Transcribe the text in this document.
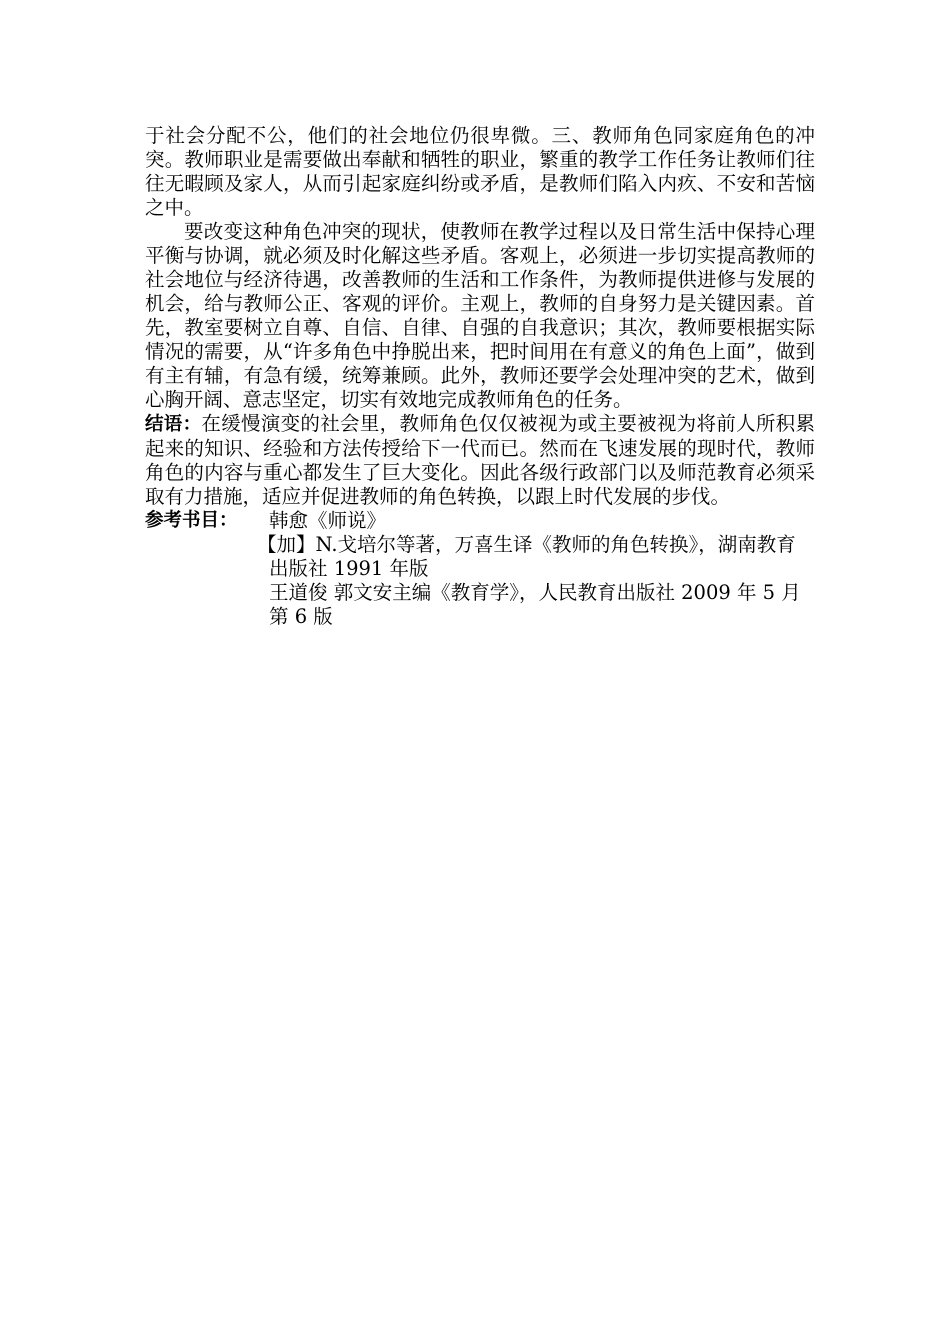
于社会分配不公，他们的社会地位仍很卑微。三、教师角色同家庭角色的冲突。教师职业是需要做出奉献和牺牲的职业，繁重的教学工作任务让教师们往往无暇顾及家人，从而引起家庭纠纷或矛盾，是教师们陷入内疚、不安和苦恼之中。

要改变这种角色冲突的现状，使教师在教学过程以及日常生活中保持心理平衡与协调，就必须及时化解这些矛盾。客观上，必须进一步切实提高教师的社会地位与经济待遇，改善教师的生活和工作条件，为教师提供进修与发展的机会，给与教师公正、客观的评价。主观上，教师的自身努力是关键因素。首先，教室要树立自尊、自信、自律、自强的自我意识；其次，教师要根据实际情况的需要，从“许多角色中挣脱出来，把时间用在有意义的角色上面”，做到有主有辅，有急有缓，统筹兼顾。此外，教师还要学会处理冲突的艺术，做到心胸开阔、意志坚定，切实有效地完成教师角色的任务。

结语：在缓慢演变的社会里，教师角色仅仅被视为或主要被视为将前人所积累起来的知识、经验和方法传授给下一代而已。然而在飞速发展的现时代，教师角色的内容与重心都发生了巨大变化。因此各级行政部门以及师范教育必须采取有力措施，适应并促进教师的角色转换，以跟上时代发展的步伐。

参考书目：	韩愈《师说》
【加】N.戈培尔等著，万喜生译《教师的角色转换》，湖南教育出版社 1991 年版
王道俊 郭文安主编《教育学》，人民教育出版社 2009 年 5 月第 6 版
